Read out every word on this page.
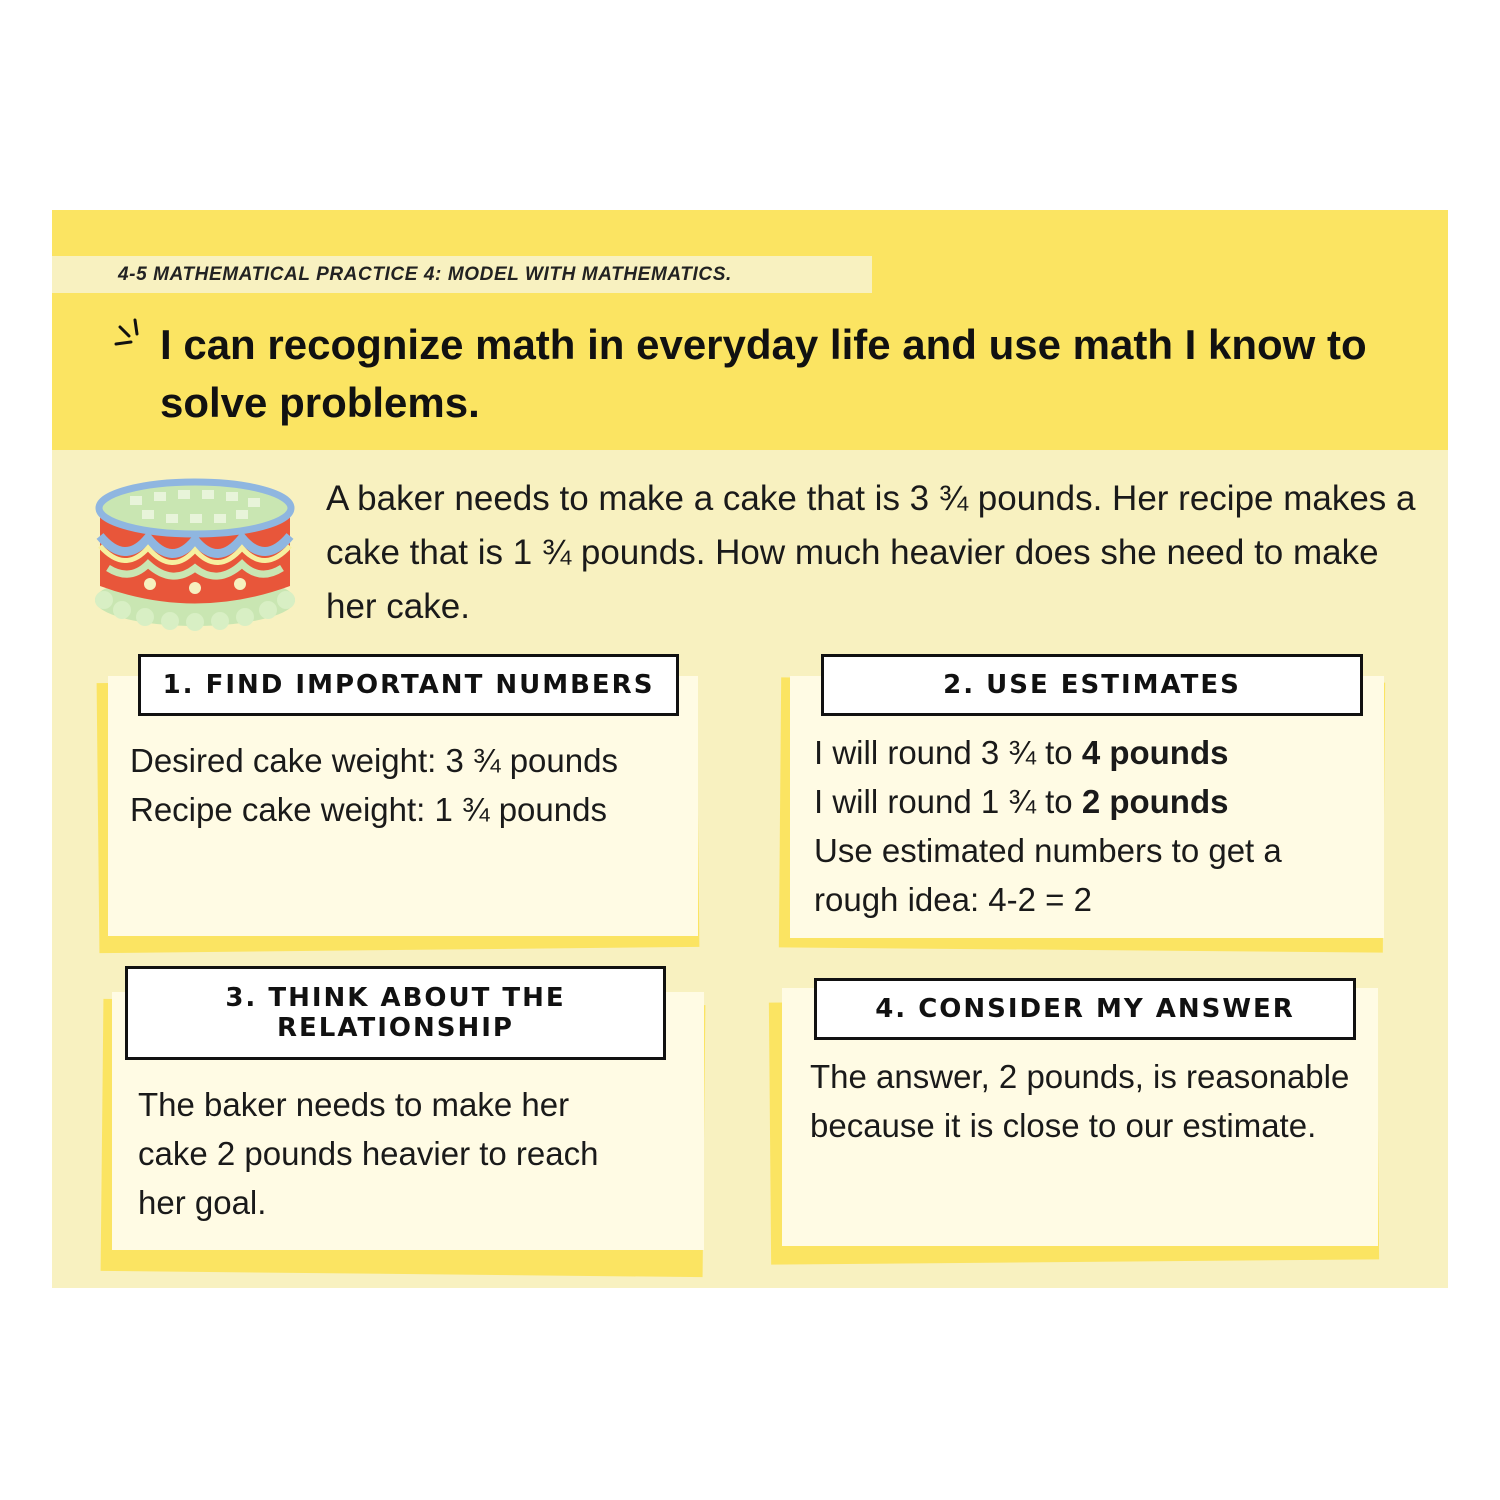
4-5 MATHEMATICAL PRACTICE 4: MODEL WITH MATHEMATICS.

I can recognize math in everyday life and use math I know to solve problems.

A baker needs to make a cake that is 3 ¾ pounds. Her recipe makes a cake that is 1 ¾ pounds. How much heavier does she need to make her cake.

1. FIND IMPORTANT NUMBERS
Desired cake weight: 3 ¾ pounds
Recipe cake weight: 1 ¾ pounds
2. USE ESTIMATES
I will round 3 ¾ to 4 pounds
I will round 1 ¾ to 2 pounds
Use estimated numbers to get a rough idea: 4-2 = 2
3. THINK ABOUT THE RELATIONSHIP
The baker needs to make her cake 2 pounds heavier to reach her goal.
4. CONSIDER MY ANSWER
The answer, 2 pounds, is reasonable because it is close to our estimate.
